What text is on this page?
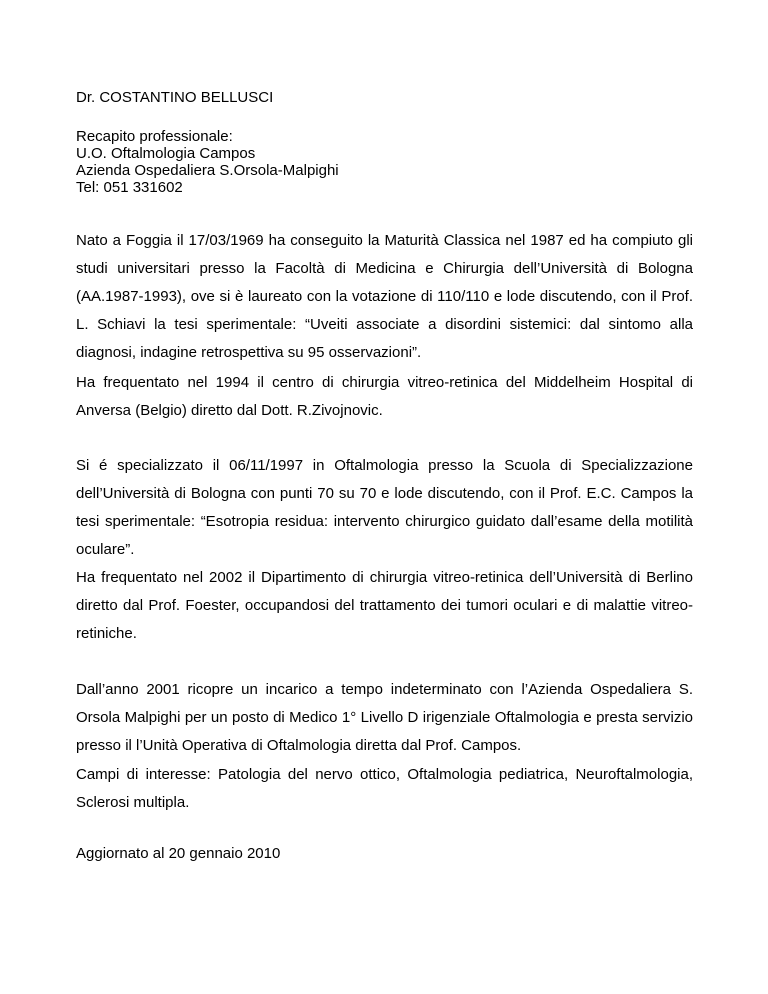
Dr. COSTANTINO BELLUSCI
Recapito professionale:
U.O. Oftalmologia Campos
Azienda Ospedaliera S.Orsola-Malpighi
Tel: 051 331602

Nato a Foggia il 17/03/1969 ha conseguito la Maturità Classica nel 1987 ed ha compiuto gli studi universitari presso la Facoltà di Medicina e Chirurgia dell’Università di Bologna (AA.1987-1993), ove si è laureato con la votazione di 110/110 e lode discutendo, con il Prof. L. Schiavi la tesi sperimentale: “Uveiti associate a disordini sistemici: dal sintomo alla diagnosi, indagine retrospettiva su 95 osservazioni”.

Ha frequentato nel 1994 il centro di chirurgia vitreo-retinica del Middelheim Hospital di Anversa (Belgio) diretto dal Dott. R.Zivojnovic.

Si é specializzato il 06/11/1997 in Oftalmologia presso la Scuola di Specializzazione dell’Università di Bologna con punti 70 su 70 e lode discutendo, con il Prof. E.C. Campos la tesi sperimentale: “Esotropia residua: intervento chirurgico guidato dall’esame della motilità oculare”.

Ha frequentato nel 2002 il Dipartimento di chirurgia vitreo-retinica dell’Università di Berlino diretto dal Prof. Foester, occupandosi del trattamento dei tumori oculari e di malattie vitreo-retiniche.

Dall’anno 2001 ricopre un incarico a tempo indeterminato con l’Azienda Ospedaliera S. Orsola Malpighi per un posto di Medico 1° Livello D irigenziale Oftalmologia e presta servizio presso il l’Unità Operativa di Oftalmologia diretta dal Prof. Campos.

Campi di interesse: Patologia del nervo ottico, Oftalmologia pediatrica, Neuroftalmologia, Sclerosi multipla.

Aggiornato al 20 gennaio 2010
